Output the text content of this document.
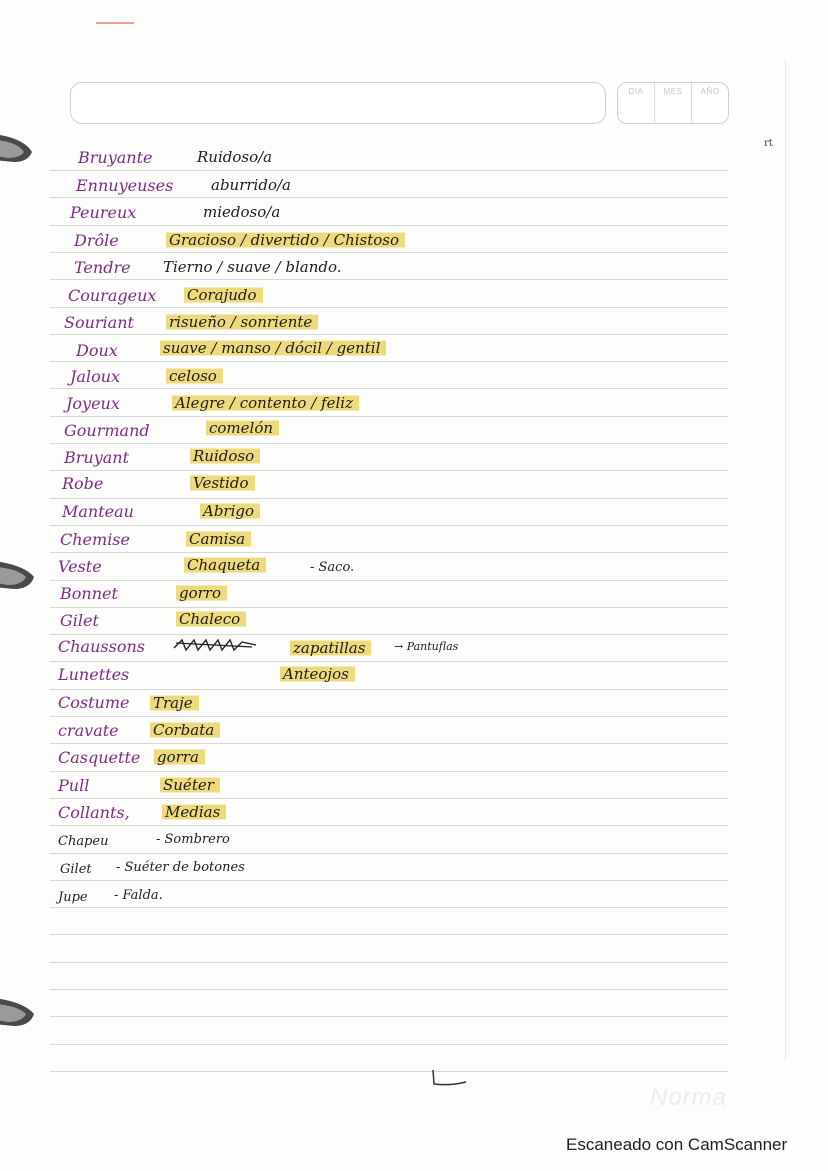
DIA	MES	AÑO
rt
Bruyante	Ruidoso/a
Ennuyeuses	aburrido/a
Peureux	miedoso/a
Drôle	Gracioso / divertido / Chistoso
Tendre Tierno / suave / blando.
Courageux Corajudo
Souriant risueño / sonriente
Doux	suave / manso / dócil / gentil
Jaloux	celoso
Joyeux	Alegre / contento / feliz
Gourmand	comelón
Bruyant	Ruidoso
Robe	Vestido
Manteau	Abrigo
Chemise	Camisa
Veste	Chaqueta	- Saco.
Bonnet	gorro
Gilet	Chaleco
Chaussons	zapatillas	→ Pantuflas
Lunettes	Anteojos
Costume Traje
cravate Corbata
Casquette gorra
Pull	Suéter
Collants, Medias
Chapeu	- Sombrero
Gilet - Suéter de botones
Jupe - Falda.
Norma
Escaneado con CamScanner
